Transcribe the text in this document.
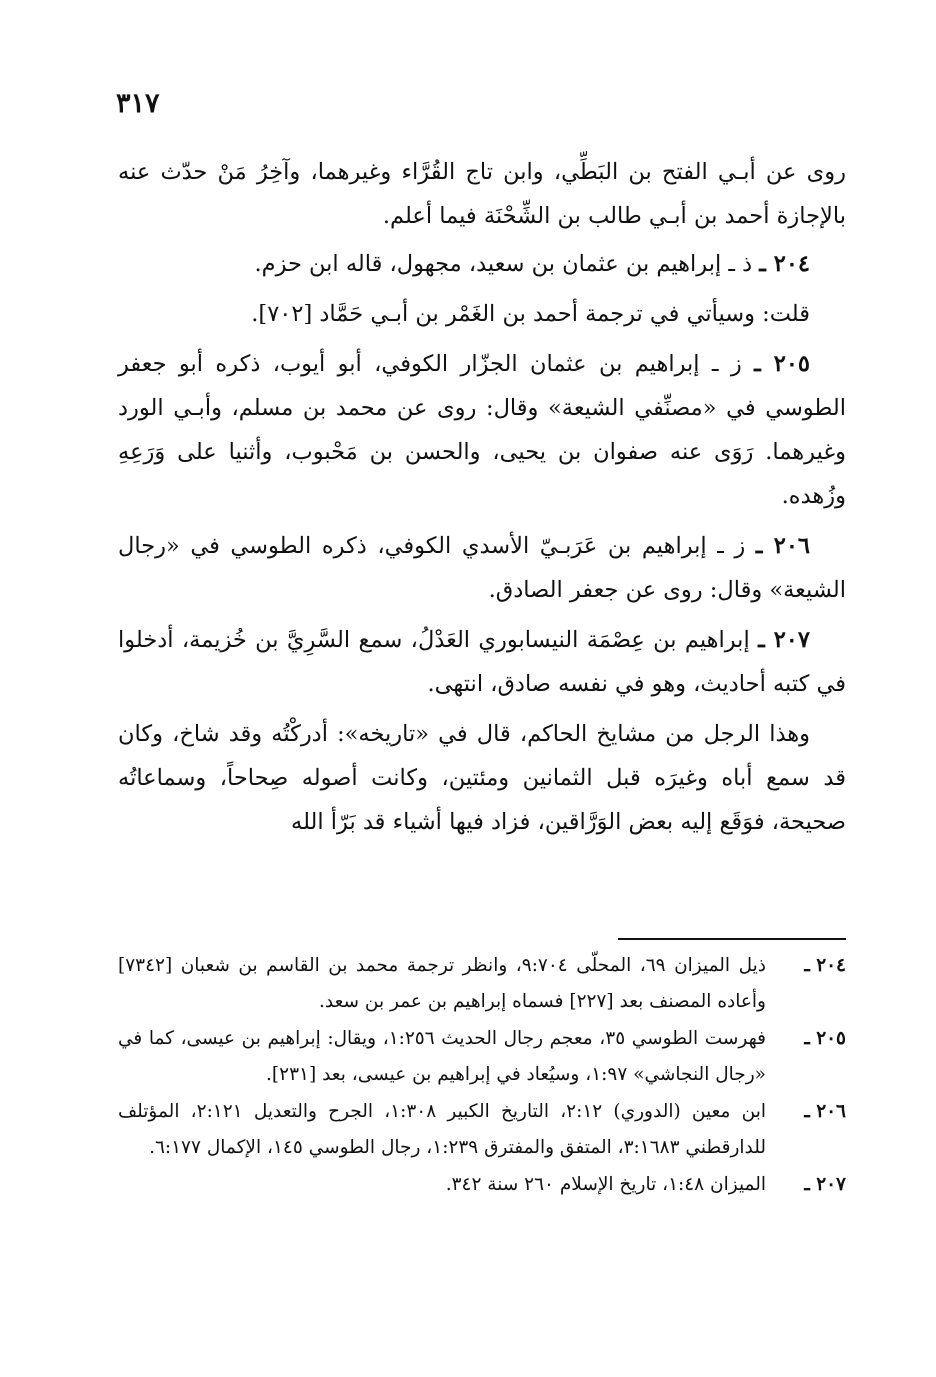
٣١٧

روى عن أبـي الفتح بن البَطِّي، وابن تاج القُرَّاء وغيرهما، وآخِرُ مَنْ حدّث عنه بالإجازة أحمد بن أبـي طالب بن الشِّحْنَة فيما أعلم.

٢٠٤ ـ ذ ـ إبراهيم بن عثمان بن سعيد، مجهول، قاله ابن حزم.

قلت: وسيأتي في ترجمة أحمد بن الغَمْر بن أبـي حَمَّاد [٧٠٢].

٢٠٥ ـ ز ـ إبراهيم بن عثمان الجزّار الكوفي، أبو أيوب، ذكره أبو جعفر الطوسي في «مصنِّفي الشيعة» وقال: روى عن محمد بن مسلم، وأبـي الورد وغيرهما. رَوَى عنه صفوان بن يحيى، والحسن بن مَحْبوب، وأثنيا على وَرَعِهِ وزُهده.

٢٠٦ ـ ز ـ إبراهيم بن عَرَبـيّ الأسدي الكوفي، ذكره الطوسي في «رجال الشيعة» وقال: روى عن جعفر الصادق.

٢٠٧ ـ إبراهيم بن عِصْمَة النيسابوري العَدْلُ، سمع السَّرِيَّ بن خُزيمة، أدخلوا في كتبه أحاديث، وهو في نفسه صادق، انتهى.

وهذا الرجل من مشايخ الحاكم، قال في «تاريخه»: أدركْتُه وقد شاخ، وكان قد سمع أباه وغيرَه قبل الثمانين ومئتين، وكانت أصوله صِحاحاً، وسماعاتُه صحيحة، فوَقَع إليه بعض الوَرَّاقين، فزاد فيها أشياء قد بَرّأ الله

٢٠٤ ـ
ذيل الميزان ٦٩، المحلّى ٩:٧٠٤، وانظر ترجمة محمد بن القاسم بن شعبان [٧٣٤٢] وأعاده المصنف بعد [٢٢٧] فسماه إبراهيم بن عمر بن سعد.
٢٠٥ ـ
فهرست الطوسي ٣٥، معجم رجال الحديث ١:٢٥٦، ويقال: إبراهيم بن عيسى، كما في «رجال النجاشي» ١:٩٧، وسيُعاد في إبراهيم بن عيسى، بعد [٢٣١].
٢٠٦ ـ
ابن معين (الدوري) ٢:١٢، التاريخ الكبير ١:٣٠٨، الجرح والتعديل ٢:١٢١، المؤتلف للدارقطني ٣:١٦٨٣، المتفق والمفترق ١:٢٣٩، رجال الطوسي ١٤٥، الإكمال ٦:١٧٧.
٢٠٧ ـ
الميزان ١:٤٨، تاريخ الإسلام ٢٦٠ سنة ٣٤٢.
